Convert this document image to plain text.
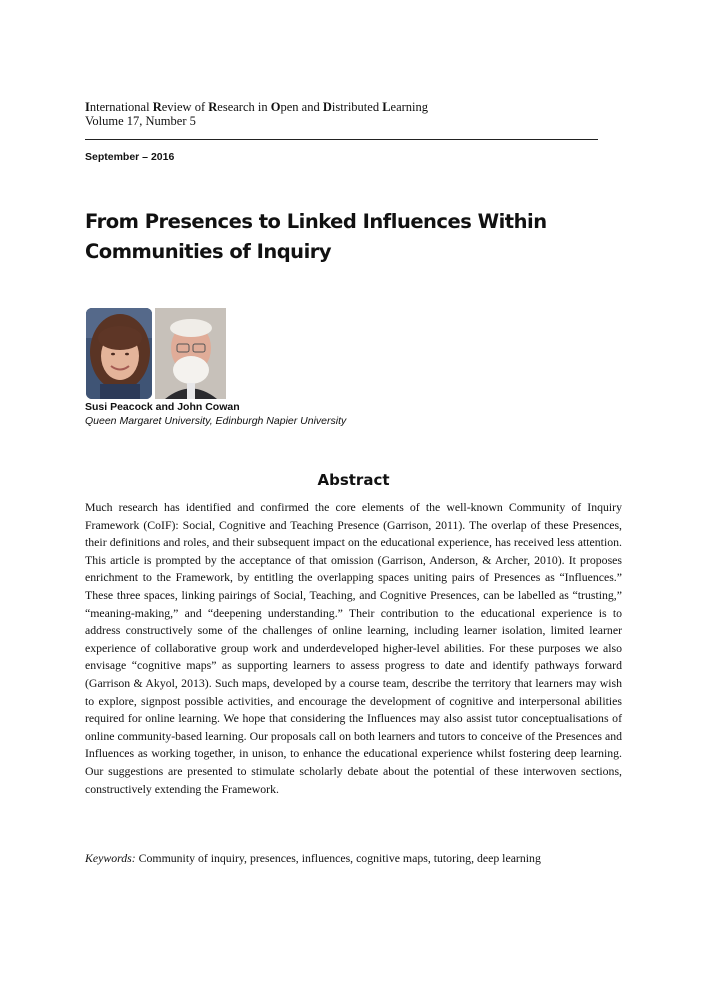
International Review of Research in Open and Distributed Learning
Volume 17, Number 5
September – 2016
From Presences to Linked Influences Within
Communities of Inquiry
Susi Peacock and John Cowan
Queen Margaret University, Edinburgh Napier University
Abstract

Much research has identified and confirmed the core elements of the well-known Community of Inquiry Framework (CoIF): Social, Cognitive and Teaching Presence (Garrison, 2011). The overlap of these Presences, their definitions and roles, and their subsequent impact on the educational experience, has received less attention. This article is prompted by the acceptance of that omission (Garrison, Anderson, & Archer, 2010). It proposes enrichment to the Framework, by entitling the overlapping spaces uniting pairs of Presences as “Influences.” These three spaces, linking pairings of Social, Teaching, and Cognitive Presences, can be labelled as “trusting,” “meaning-making,” and “deepening understanding.” Their contribution to the educational experience is to address constructively some of the challenges of online learning, including learner isolation, limited learner experience of collaborative group work and underdeveloped higher-level abilities. For these purposes we also envisage “cognitive maps” as supporting learners to assess progress to date and identify pathways forward (Garrison & Akyol, 2013). Such maps, developed by a course team, describe the territory that learners may wish to explore, signpost possible activities, and encourage the development of cognitive and interpersonal abilities required for online learning. We hope that considering the Influences may also assist tutor conceptualisations of online community-based learning. Our proposals call on both learners and tutors to conceive of the Presences and Influences as working together, in unison, to enhance the educational experience whilst fostering deep learning. Our suggestions are presented to stimulate scholarly debate about the potential of these interwoven sections, constructively extending the Framework.

Keywords: Community of inquiry, presences, influences, cognitive maps, tutoring, deep learning
